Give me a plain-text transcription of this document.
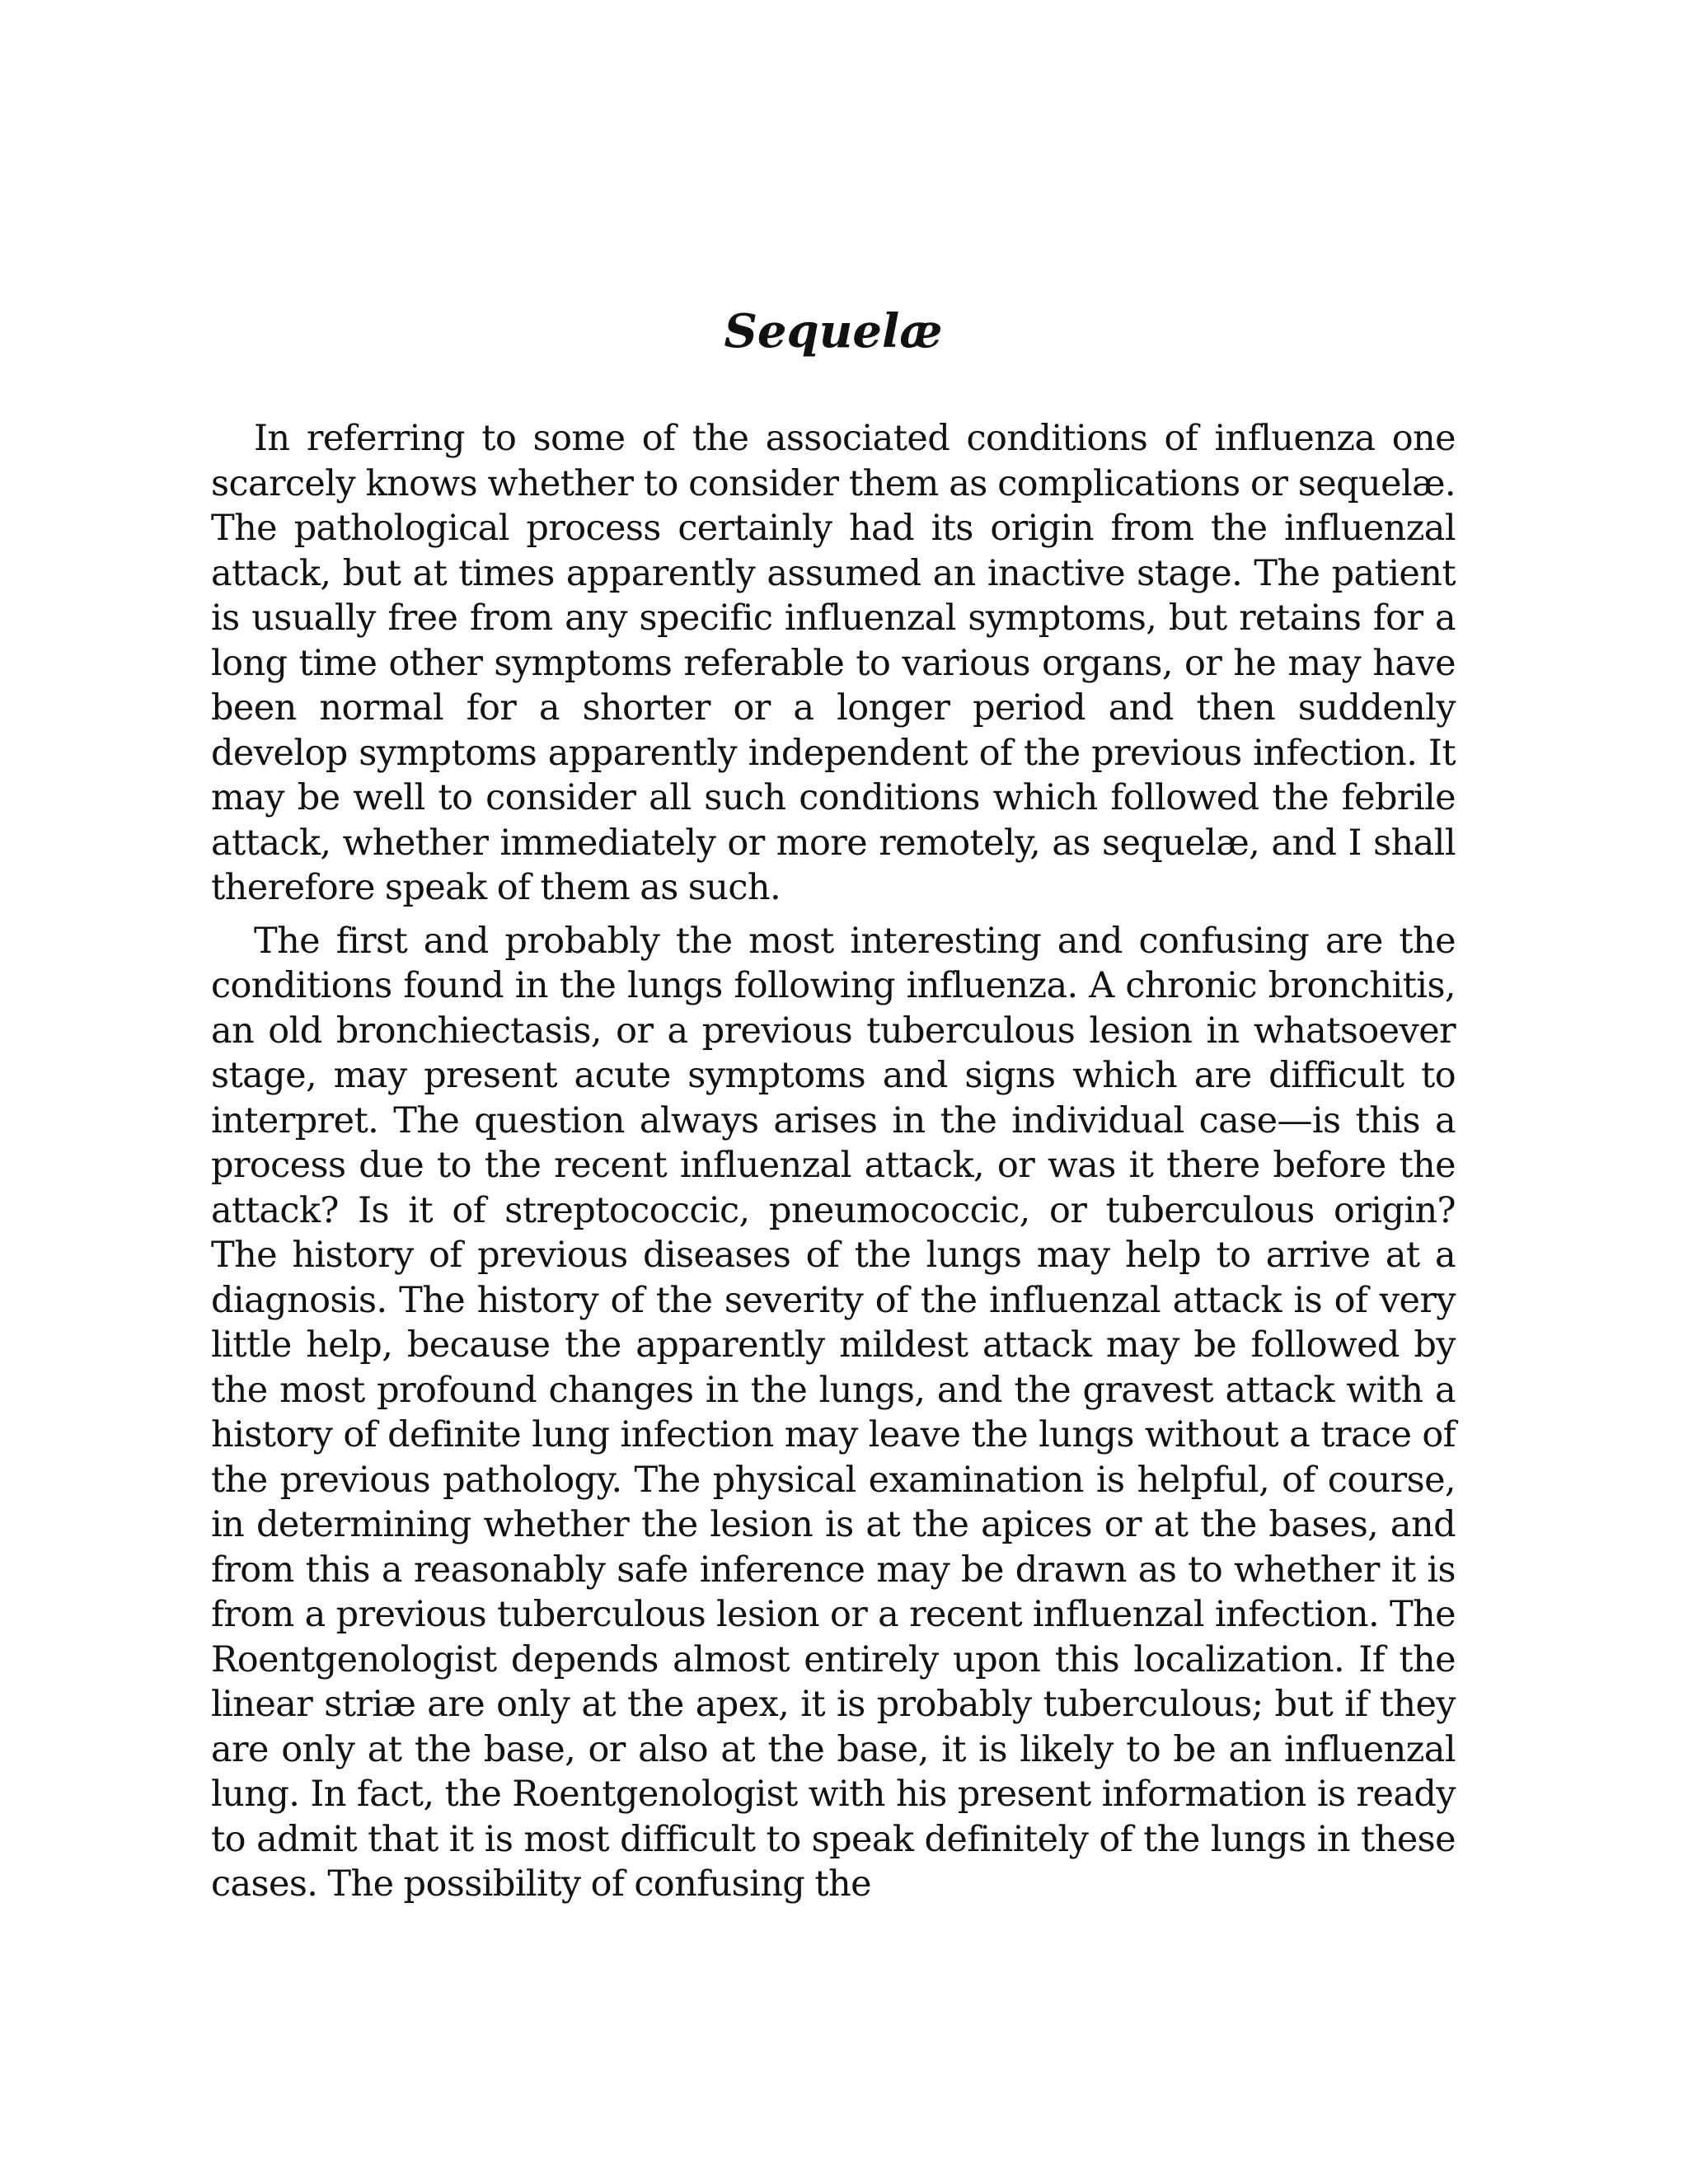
Sequelæ

In referring to some of the associated conditions of influenza one scarcely knows whether to consider them as complications or sequelæ. The pathological process certainly had its origin from the influenzal attack, but at times apparently assumed an inactive stage. The patient is usually free from any specific influenzal symptoms, but retains for a long time other symptoms referable to various organs, or he may have been normal for a shorter or a longer period and then suddenly develop symptoms apparently independent of the previous infection. It may be well to consider all such conditions which followed the febrile attack, whether immediately or more remotely, as sequelæ, and I shall therefore speak of them as such.

The first and probably the most interesting and confusing are the conditions found in the lungs following influenza. A chronic bronchitis, an old bronchiectasis, or a previous tuberculous lesion in whatsoever stage, may present acute symptoms and signs which are difficult to interpret. The question always arises in the individual case—is this a process due to the recent influenzal attack, or was it there before the attack? Is it of streptococcic, pneumococcic, or tuberculous origin? The history of previous diseases of the lungs may help to arrive at a diagnosis. The history of the severity of the influenzal attack is of very little help, because the apparently mildest attack may be followed by the most profound changes in the lungs, and the gravest attack with a history of definite lung infection may leave the lungs without a trace of the previous pathology. The physical examination is helpful, of course, in determining whether the lesion is at the apices or at the bases, and from this a reasonably safe inference may be drawn as to whether it is from a previous tuberculous lesion or a recent influenzal infection. The Roentgenologist depends almost entirely upon this localization. If the linear striæ are only at the apex, it is probably tuberculous; but if they are only at the base, or also at the base, it is likely to be an influenzal lung. In fact, the Roentgenologist with his present information is ready to admit that it is most difficult to speak definitely of the lungs in these cases. The possibility of confusing the
